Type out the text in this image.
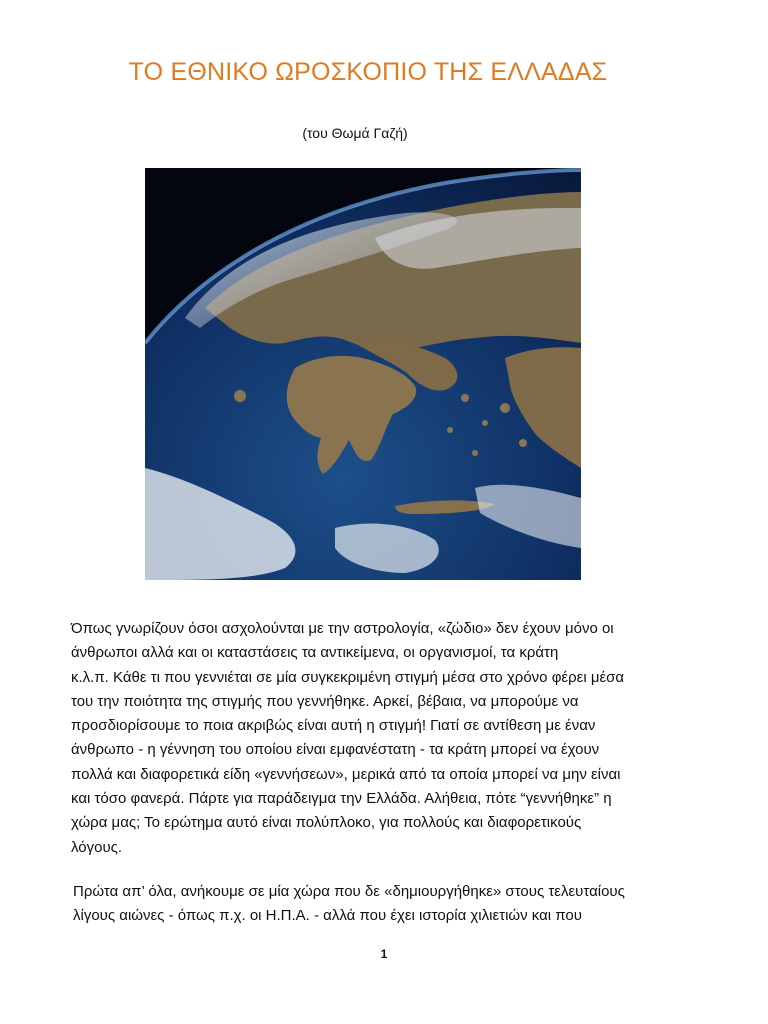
ΤΟ ΕΘΝΙΚΟ ΩΡΟΣΚΟΠΙΟ ΤΗΣ ΕΛΛΑΔΑΣ
(του Θωμά Γαζή)
Όπως γνωρίζουν όσοι ασχολούνται με την αστρολογία, «ζώδιο» δεν έχουν μόνο οι
άνθρωποι αλλά και οι καταστάσεις τα αντικείμενα, οι οργανισμοί, τα κράτη
κ.λ.π. Κάθε τι που γεννιέται σε μία συγκεκριμένη στιγμή μέσα στο χρόνο φέρει μέσα
του την ποιότητα της στιγμής που γεννήθηκε. Αρκεί, βέβαια, να μπορούμε να
προσδιορίσουμε το ποια ακριβώς είναι αυτή η στιγμή! Γιατί σε αντίθεση με έναν
άνθρωπο - η γέννηση του οποίου είναι εμφανέστατη - τα κράτη μπορεί να έχουν
πολλά και διαφορετικά είδη «γεννήσεων», μερικά από τα οποία μπορεί να μην είναι
και τόσο φανερά. Πάρτε για παράδειγμα την Ελλάδα. Αλήθεια, πότε “γεννήθηκε” η
χώρα μας; Το ερώτημα αυτό είναι πολύπλοκο, για πολλούς και διαφορετικούς
λόγους.
Πρώτα απ’ όλα, ανήκουμε σε μία χώρα που δε «δημιουργήθηκε» στους τελευταίους
λίγους αιώνες - όπως π.χ. οι Η.Π.Α. - αλλά που έχει ιστορία χιλιετιών και που
1
